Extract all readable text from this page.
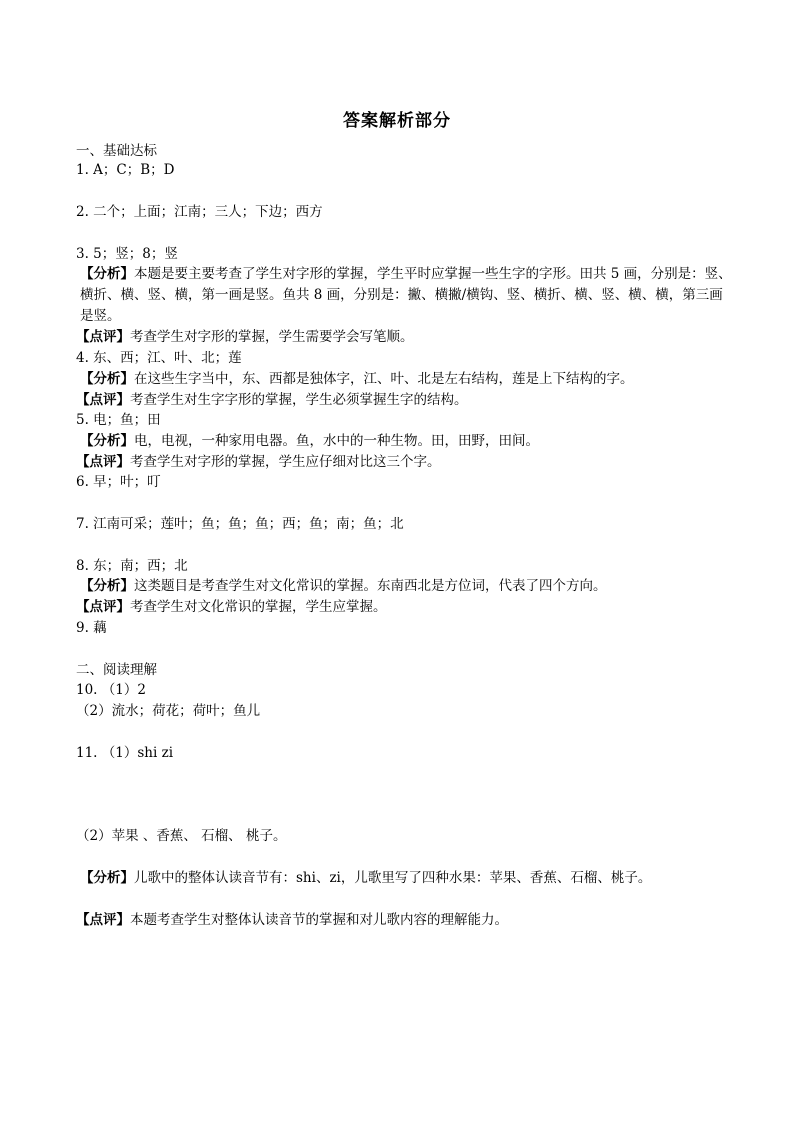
答案解析部分
一、基础达标
1. A；C；B；D
2. 二个；上面；江南；三人；下边；西方
3. 5；竖；8；竖
【分析】本题是要主要考查了学生对字形的掌握，学生平时应掌握一些生字的字形。田共 5 画，分别是：竖、横折、横、竖、横，第一画是竖。鱼共 8 画，分别是：撇、横撇/横钩、竖、横折、横、竖、横、横，第三画是竖。
【点评】考查学生对字形的掌握，学生需要学会写笔顺。
4. 东、西；江、叶、北；莲
【分析】在这些生字当中，东、西都是独体字，江、叶、北是左右结构，莲是上下结构的字。
【点评】考查学生对生字字形的掌握，学生必须掌握生字的结构。
5. 电；鱼；田
【分析】电，电视，一种家用电器。鱼，水中的一种生物。田，田野，田间。
【点评】考查学生对字形的掌握，学生应仔细对比这三个字。
6. 早；叶；叮
7. 江南可采；莲叶；鱼；鱼；鱼；西；鱼；南；鱼；北
8. 东；南；西；北
【分析】这类题目是考查学生对文化常识的掌握。东南西北是方位词，代表了四个方向。
【点评】考查学生对文化常识的掌握，学生应掌握。
9. 藕
二、阅读理解
10. （1）2
（2）流水；荷花；荷叶；鱼儿
11. （1）shi zi
（2）苹果 、香蕉、 石榴、 桃子。
【分析】儿歌中的整体认读音节有：shi、zi，儿歌里写了四种水果：苹果、香蕉、石榴、桃子。
【点评】本题考查学生对整体认读音节的掌握和对儿歌内容的理解能力。
